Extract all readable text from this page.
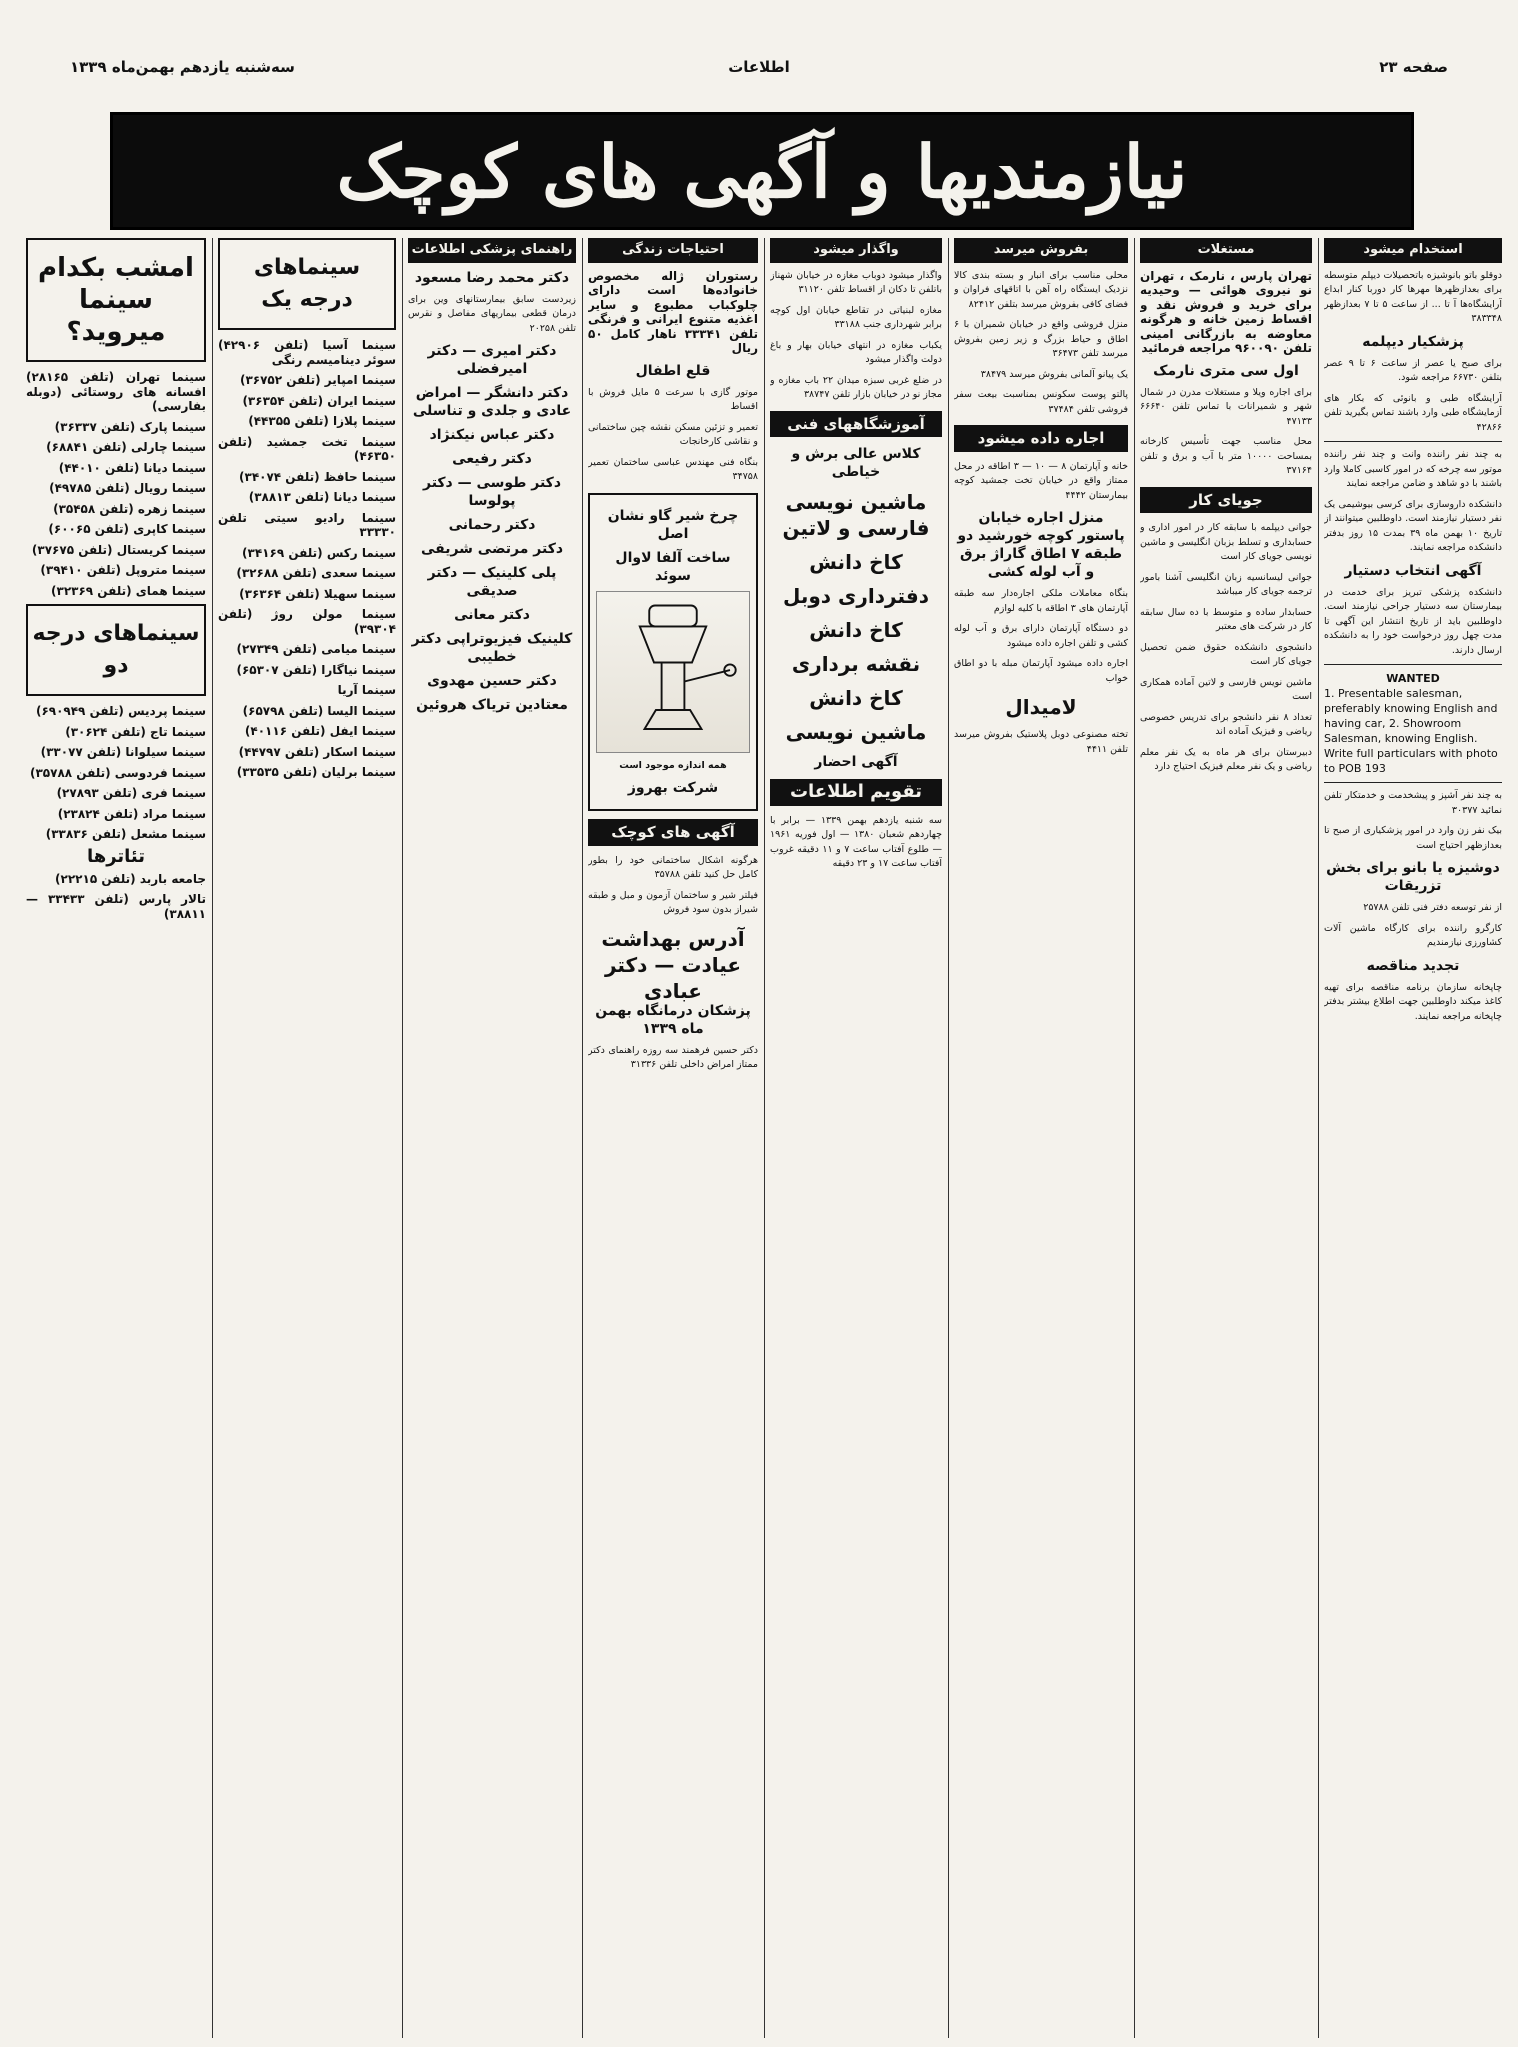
صفحه ۲۳
اطلاعات
سه‌شنبه یازدهم بهمن‌ماه ۱۳۳۹
نیازمندیها و آگهی های کوچک
استخدام میشود

دوقلو باتو بانوشیزه باتحصیلات دیپلم متوسطه برای بعدازظهرها مهرها کار دوربا‌ کنار ابداع آرایشگاه‌ها‌ آ تا ... از ساعت ۵ تا ۷ بعدازظهر ۳۸۳۳۴۸

پزشکیار دیپلمه

برای صبح یا عصر از ساعت ۶ تا ۹ عصر بتلفن ۶۶۷۳۰ مراجعه شود.

آرایشگاه طبی و بانوئی که بکار های آزمایشگاه طبی وارد باشند تماس بگیرید تلفن ۴۲۸۶۶

به چند نفر راننده وانت و چند نفر راننده موتور سه چرخه که در امور کاسبی کاملا وارد باشند با دو شاهد و ضامن مراجعه نمایند

دانشکده داروسازی برای کرسی بیوشیمی یک نفر دستیار نیازمند است. داوطلبین میتوانند از تاریخ ۱۰ بهمن ماه ۳۹ بمدت ۱۵ روز بدفتر دانشکده مراجعه نمایند.

آگهی انتخاب دستیار

دانشکده پزشکی تبریز برای خدمت در بیمارستان سه دستیار جراحی نیازمند است. داوطلبین باید از تاریخ انتشار این آگهی تا مدت چهل روز درخواست خود را به دانشکده ارسال دارند.

WANTED
1. Presentable salesman, preferably knowing English and having car, 2. Showroom Salesman, knowing English. Write full particulars with photo to POB 193

به چند نفر آشپز و پیشخدمت و خدمتکار تلفن نمائید ۳۰۳۷۷

بیک نفر زن وارد در امور پزشکیاری از صبح تا بعدازظهر احتیاج است

دوشیزه یا بانو برای بخش تزریقات

از نفر توسعه دفتر فنی تلفن ۲۵۷۸۸

کارگرو راننده برای کارگاه ماشین آلات کشاورزی نیازمندیم

تجدید مناقصه

چاپخانه سازمان برنامه مناقصه برای تهیه کاغذ میکند داوطلبین جهت اطلاع بیشتر بدفتر چاپخانه مراجعه نمایند.

مستغلات

تهران‌ پارس ، نارمک ، تهران‌ نو نیروی هوائی — وحیدیه برای خرید و فروش نقد و اقساط زمین خانه و هرگونه معاوضه به بازرگانی امینی تلفن ۹۶۰۰۹۰ مراجعه فرمائید

اول سی متری نارمک

برای اجاره ویلا و مستغلات مدرن در شمال شهر و شمیرانات با تماس تلفن ۶۶۶۴۰ ۴۷۱۳۳

محل مناسب جهت تأسیس کارخانه بمساحت ۱۰۰۰۰ متر با آب و برق و تلفن ۳۷۱۶۴

جویای کار

جوانی دیپلمه با سابقه کار در امور اداری و حسابداری و تسلط بزبان انگلیسی و ماشین نویسی جویای کار است

جوانی لیسانسیه زبان انگلیسی آشنا بامور ترجمه جویای کار میباشد

حسابدار ساده و متوسط با ده سال سابقه کار در شرکت های معتبر

دانشجوی دانشکده حقوق ضمن تحصیل جویای کار است

ماشین نویس فارسی و لاتین آماده همکاری است

تعداد ۸ نفر دانشجو برای تدریس خصوصی ریاضی و فیزیک آماده اند

دبیرستان برای هر ماه به یک نفر معلم ریاضی و یک نفر معلم فیزیک احتیاج دارد

بفروش میرسد

محلی مناسب برای انبار و بسته بندی کالا نزدیک ایستگاه راه آهن با اتاقهای فراوان و فضای کافی بفروش میرسد بتلفن ۸۲۴۱۲

منزل فروشی واقع در خیابان شمیران با ۶ اطاق و حیاط بزرگ و زیر زمین بفروش میرسد تلفن ۳۶۴۷۳

یک پیانو آلمانی بفروش میرسد ۳۸۴۷۹

پالتو پوست سکونس بمناسبت بیعت سفر فروشی تلفن ۳۷۴۸۴

اجاره داده میشود

خانه و آپارتمان ۸ — ۱۰ — ۳ اطاقه در محل ممتاز واقع در خیابان تخت جمشید کوچه بیمارستان ۴۴۴۲

منزل اجاره خیابان پاستور کوچه خورشید دو طبقه ۷ اطاق گاراژ برق و آب لوله کشی

بنگاه معاملات ملکی اجاره‌دار سه طبقه آپارتمان های ۳ اطاقه با کلیه لوازم

دو دستگاه آپارتمان دارای برق و آب لوله کشی و تلفن اجاره داده میشود

اجاره داده میشود آپارتمان مبله با دو اطاق خواب

لامیدال

تخته مصنوعی دوبل پلاستیک بفروش میرسد تلفن ۴۴۱۱

واگذار میشود

واگذار میشود دوباب مغازه در خیابان شهناز باتلفن تا دکان از اقساط تلفن ۳۱۱۲۰

مغازه لبنیاتی در تقاطع خیابان اول کوچه برابر شهرداری جنب ۳۳۱۸۸

یکباب مغازه در انتهای خیابان بهار و باغ دولت واگذار میشود

در ضلع غربی سبزه میدان ۲۲ باب مغازه و مجاز نو در خیابان بازار تلفن ۳۸۷۴۷

آموزشگاههای فنی
کلاس عالی برش و خیاطی
ماشین نویسی فارسی و لاتین
کاخ دانش
دفترداری دوبل
کاخ دانش
نقشه برداری
کاخ دانش
ماشین نویسی
آگهی احضار
تقویم اطلاعات

سه شنبه یازدهم بهمن ۱۳۳۹ — برابر با چهاردهم شعبان ۱۳۸۰ — اول فوریه ۱۹۶۱ — طلوع آفتاب ساعت ۷ و ۱۱ دقیقه غروب آفتاب ساعت ۱۷ و ۲۳ دقیقه

احتیاجات زندگی

رستوران ژاله مخصوص خانواده‌ها است دارای چلوکباب مطبوع و سایر اغذیه متنوع ایرانی و فرنگی تلفن ۳۳۳۴۱ ناهار کامل ۵۰ ریال

قلع اطفال

موتور گازی با سرعت ۵ مایل فروش با اقساط

تعمیر و تزئین مسکن نقشه چین ساختمانی و نقاشی کارخانجات

بنگاه فنی مهندس عباسی ساختمان تعمیر ۳۴۷۵۸

چرخ شیر گاو نشان اصل
ساخت آلفا لاوال سوئد
همه اندازه موجود است
شرکت بهروز
آگهی های کوچک

هرگونه اشکال ساختمانی خود را بطور کامل حل کنید تلفن ۳۵۷۸۸

فیلتر شیر و ساختمان آزمون و مبل و طبقه شیراز بدون سود فروش

آدرس بهداشت عیادت — دکتر عبادی
پزشکان درمانگاه بهمن ماه ۱۳۳۹

دکتر حسین فرهمند سه روزه راهنمای دکتر ممتاز امراض داخلی تلفن ۳۱۳۳۶

راهنمای پزشکی اطلاعات
دکتر محمد رضا مسعود

زیردست سابق بیمارستانهای وین برای درمان قطعی بیماریهای مفاصل و نقرس تلفن ۲۰۲۵۸

دکتر امیری — دکتر امیرفضلی
دکتر دانشگر — امراض عادی و جلدی و تناسلی
دکتر عباس نیکنژاد
دکتر رفیعی
دکتر طوسی — دکتر پولوسا
دکتر رحمانی
دکتر مرتضی شریفی
پلی کلینیک — دکتر صدیقی
دکتر معانی
کلینیک فیزیوتراپی دکتر خطیبی
دکتر حسین مهدوی
معتادین تریاک هروئین
سینماهای درجه یک

سینما آسیا (تلفن ۴۲۹۰۶) سوئر دینامیسم رنگی

سینما امپایر (تلفن ۳۶۷۵۲)

سینما ایران (تلفن ۳۶۳۵۴)

سینما پلازا (تلفن ۴۴۳۵۵)

سینما تخت جمشید (تلفن ۴۶۳۵۰)

سینما حافظ (تلفن ۳۴۰۷۴)

سینما دیانا (تلفن ۳۸۸۱۳)

سینما رادیو سیتی تلفن ۳۳۳۳۰

سینما رکس (تلفن ۳۴۱۶۹)

سینما سعدی (تلفن ۳۲۶۸۸)

سینما سهیلا (تلفن ۳۶۳۶۴)

سینما مولن روژ (تلفن ۳۹۳۰۴)

سینما میامی (تلفن ۲۷۳۴۹)

سینما نیاگارا (تلفن ۶۵۳۰۷)

سینما آریا

سینما الیسا (تلفن ۶۵۷۹۸)

سینما ایفل (تلفن ۴۰۱۱۶)

سینما اسکار (تلفن ۴۴۷۹۷)

سینما برلیان (تلفن ۳۳۵۳۵)

امشب بکدام سینما میروید؟

سینما تهران (تلفن ۲۸۱۶۵) افسانه های روستائی (دوبله بفارسی)

سینما پارک (تلفن ۳۶۳۳۷)

سینما چارلی (تلفن ۶۸۸۴۱)

سینما دیانا (تلفن ۴۴۰۱۰)

سینما رویال (تلفن ۴۹۷۸۵)

سینما زهره (تلفن ۳۵۴۵۸)

سینما کاپری (تلفن ۶۰۰۶۵)

سینما کریستال (تلفن ۳۷۶۷۵)

سینما متروپل (تلفن ۳۹۴۱۰)

سینما همای (تلفن ۳۲۳۶۹)

سینماهای درجه دو

سینما پردیس (تلفن ۶۹۰۹۴۹)

سینما تاج (تلفن ۳۰۶۲۴)

سینما سیلوانا (تلفن ۳۳۰۷۷)

سینما فردوسی (تلفن ۳۵۷۸۸)

سینما فری (تلفن ۲۷۸۹۳)

سینما مراد (تلفن ۲۳۸۲۴)

سینما مشعل (تلفن ۳۳۸۳۶)

تئاترها

جامعه باربد (تلفن ۲۲۲۱۵)

تالار پارس (تلفن ۳۳۴۳۳ — ۳۸۸۱۱)
